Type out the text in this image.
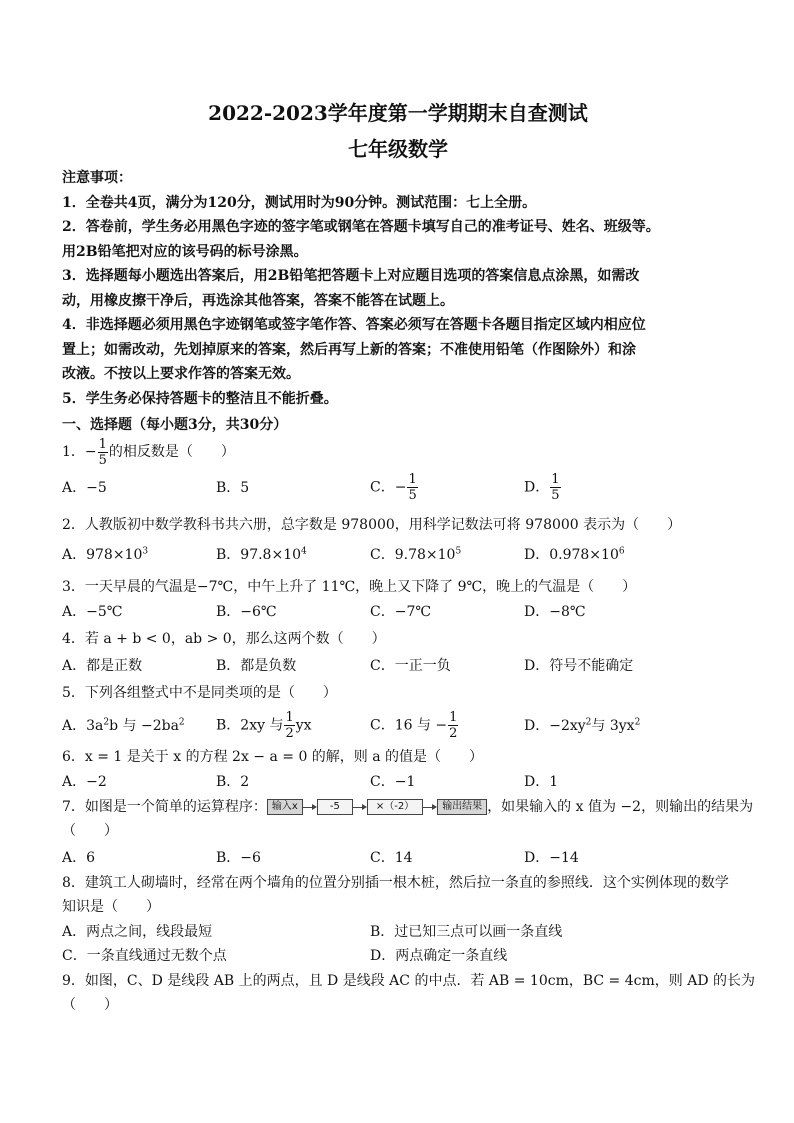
2022-2023学年度第一学期期末自查测试
七年级数学
注意事项：
1．全卷共4页，满分为120分，测试用时为90分钟。测试范围：七上全册。
2．答卷前，学生务必用黑色字迹的签字笔或钢笔在答题卡填写自己的准考证号、姓名、班级等。
用2B铅笔把对应的该号码的标号涂黑。
3．选择题每小题选出答案后，用2B铅笔把答题卡上对应题目选项的答案信息点涂黑，如需改
动，用橡皮擦干净后，再选涂其他答案，答案不能答在试题上。
4．非选择题必须用黑色字迹钢笔或签字笔作答、答案必须写在答题卡各题目指定区域内相应位
置上；如需改动，先划掉原来的答案，然后再写上新的答案；不准使用铅笔（作图除外）和涂
改液。不按以上要求作答的答案无效。
5．学生务必保持答题卡的整洁且不能折叠。
一、选择题（每小题3分，共30分）
1．− $\frac{1}{5}$ 的相反数是（　　）
A．−5	B．5	C．− $\frac{1}{5}$	D． $\frac{1}{5}$
2．人教版初中数学教科书共六册，总字数是 978000，用科学记数法可将 978000 表示为（　　）
A．$978\times 10^3$	B．$97.8\times 10^4$	C．$9.78\times 10^5$	D．$0.978\times 10^6$
3．一天早晨的气温是−7℃，中午上升了 11℃，晚上又下降了 9℃，晚上的气温是（　　）
A．−5℃	B．−6℃	C．−7℃	D．−8℃
4．若 a + b < 0，ab > 0，那么这两个数（　　）
A．都是正数	B．都是负数	C．一正一负	D．符号不能确定
5．下列各组整式中不是同类项的是（　　）
A．$3a^2b$ 与 $-2ba^2$	B．2xy 与 $\frac{1}{2}$ yx	C．16 与 − $\frac{1}{2}$	D．$-2xy^2$与 $3yx^2$
6．x = 1 是关于 x 的方程 2x − a = 0 的解，则 a 的值是（　　）
A．−2	B．2	C．−1	D．1
7．如图是一个简单的运算程序： 输入x	-5	×（-2）	输出结果 ，如果输入的 x 值为 −2，则输出的结果为
（　　）
A．6	B．−6	C．14	D．−14
8．建筑工人砌墙时，经常在两个墙角的位置分别插一根木桩，然后拉一条直的参照线．这个实例体现的数学
知识是（　　）
A．两点之间，线段最短	B．过已知三点可以画一条直线
C．一条直线通过无数个点	D．两点确定一条直线
9．如图，C、D 是线段 AB 上的两点，且 D 是线段 AC 的中点．若 AB = 10cm，BC = 4cm，则 AD 的长为
（　　）
